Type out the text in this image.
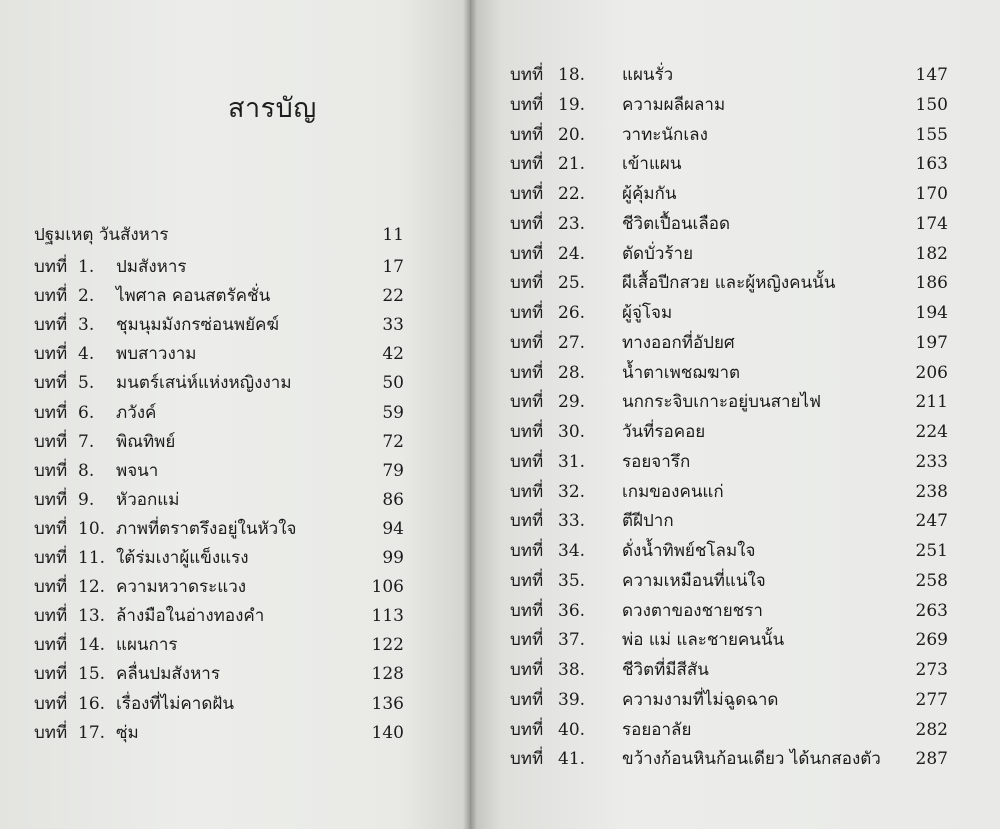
สารบัญ
ปฐมเหตุ วันสังหาร	11
บทที่ 1. ปมสังหาร	17
บทที่ 2. ไพศาล คอนสตรัคชั่น	22
บทที่ 3. ชุมนุมมังกรซ่อนพยัคฆ์	33
บทที่ 4. พบสาวงาม	42
บทที่ 5. มนตร์เสน่ห์แห่งหญิงงาม	50
บทที่ 6. ภวังค์	59
บทที่ 7. พิณทิพย์	72
บทที่ 8. พจนา	79
บทที่ 9. หัวอกแม่	86
บทที่ 10. ภาพที่ตราตรึงอยู่ในหัวใจ	94
บทที่ 11. ใต้ร่มเงาผู้แข็งแรง	99
บทที่ 12. ความหวาดระแวง	106
บทที่ 13. ล้างมือในอ่างทองคำ	113
บทที่ 14. แผนการ	122
บทที่ 15. คลื่นปมสังหาร	128
บทที่ 16. เรื่องที่ไม่คาดฝัน	136
บทที่ 17. ซุ่ม	140
บทที่ 18. แผนรั่ว	147
บทที่ 19. ความผลีผลาม	150
บทที่ 20. วาทะนักเลง	155
บทที่ 21. เข้าแผน	163
บทที่ 22. ผู้คุ้มกัน	170
บทที่ 23. ชีวิตเปื้อนเลือด	174
บทที่ 24. ตัดบั่วร้าย	182
บทที่ 25. ผีเสื้อปีกสวย และผู้หญิงคนนั้น	186
บทที่ 26. ผู้จู่โจม	194
บทที่ 27. ทางออกที่อัปยศ	197
บทที่ 28. น้ำตาเพชฌฆาต	206
บทที่ 29. นกกระจิบเกาะอยู่บนสายไฟ	211
บทที่ 30. วันที่รอคอย	224
บทที่ 31. รอยจารึก	233
บทที่ 32. เกมของคนแก่	238
บทที่ 33. ตีฝีปาก	247
บทที่ 34. ดั่งน้ำทิพย์ชโลมใจ	251
บทที่ 35. ความเหมือนที่แน่ใจ	258
บทที่ 36. ดวงตาของชายชรา	263
บทที่ 37. พ่อ แม่ และชายคนนั้น	269
บทที่ 38. ชีวิตที่มีสีสัน	273
บทที่ 39. ความงามที่ไม่ฉูดฉาด	277
บทที่ 40. รอยอาลัย	282
บทที่ 41. ขว้างก้อนหินก้อนเดียว ได้นกสองตัว 287
